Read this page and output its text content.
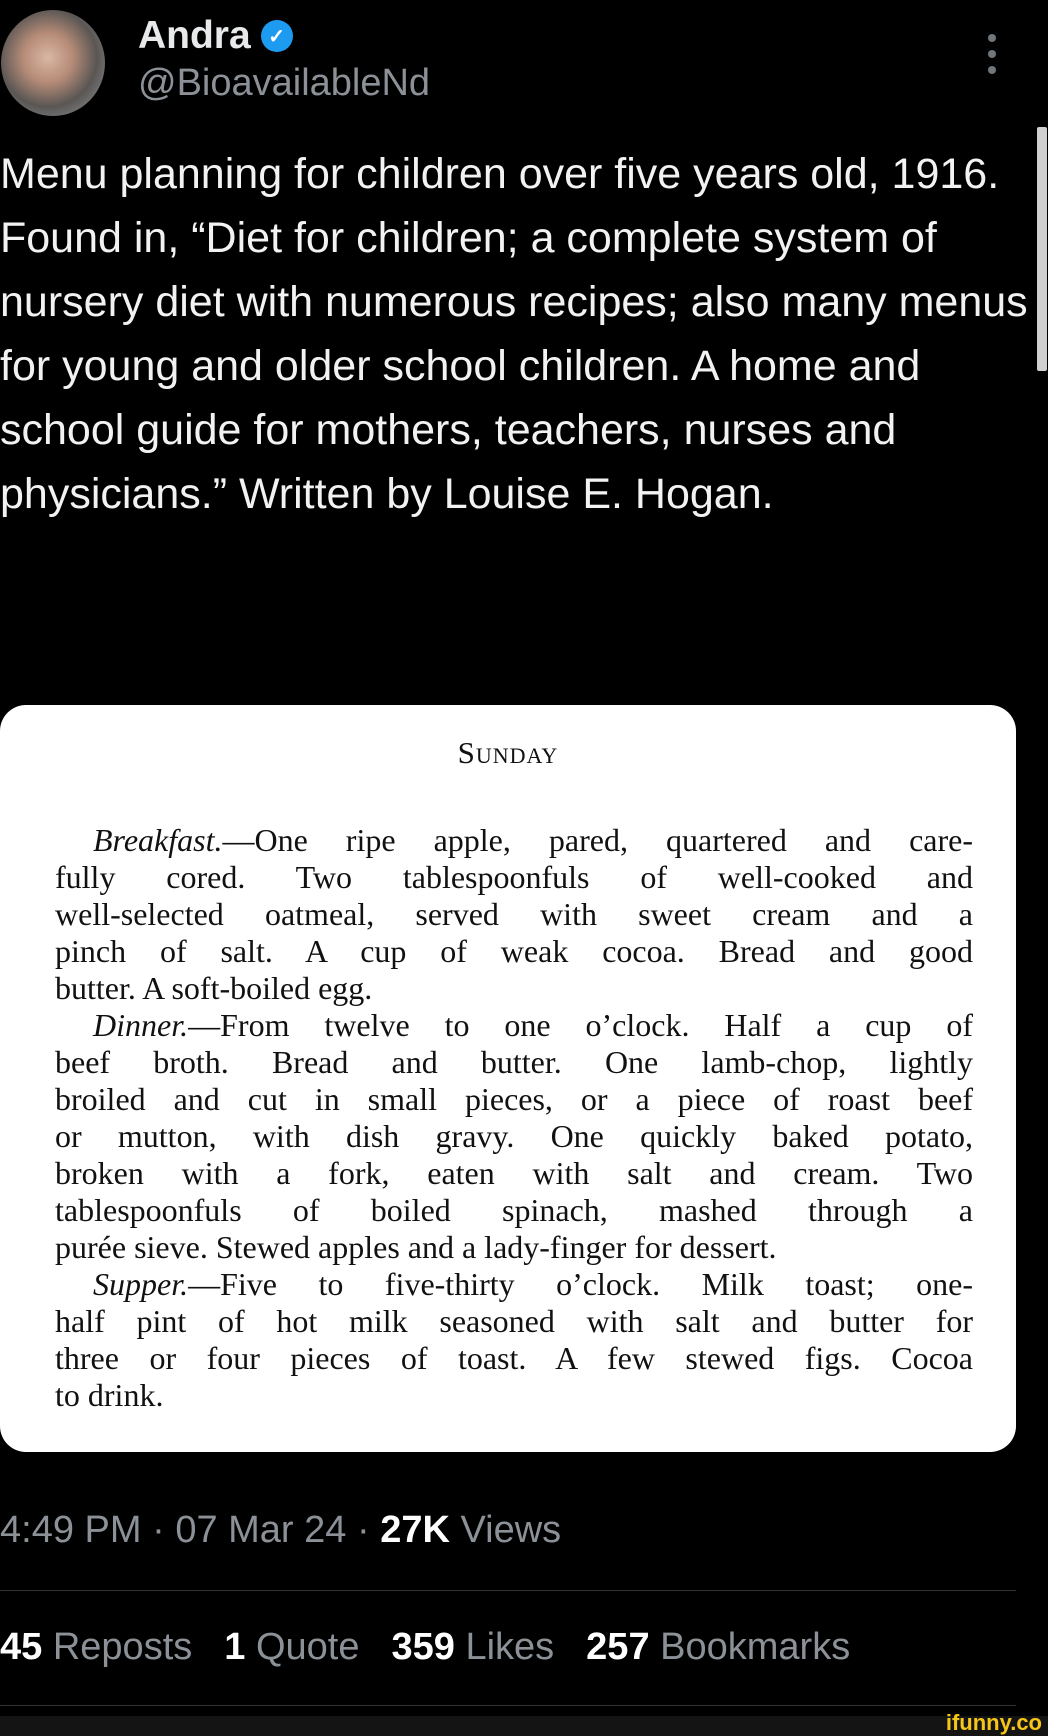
Andra ✓
@BioavailableNd
Menu planning for children over five years old, 1916. Found in, “Diet for children; a complete system of nursery diet with numerous recipes; also many menus for young and older school children. A home and school guide for mothers, teachers, nurses and physicians.” Written by Louise E. Hogan.
Sunday
Breakfast.—One ripe apple, pared, quartered and care-
fully cored. Two tablespoonfuls of well-cooked and
well-selected oatmeal, served with sweet cream and a
pinch of salt. A cup of weak cocoa. Bread and good
butter. A soft-boiled egg.
Dinner.—From twelve to one o’clock. Half a cup of
beef broth. Bread and butter. One lamb-chop, lightly
broiled and cut in small pieces, or a piece of roast beef
or mutton, with dish gravy. One quickly baked potato,
broken with a fork, eaten with salt and cream. Two
tablespoonfuls of boiled spinach, mashed through a
purée sieve. Stewed apples and a lady-finger for dessert.
Supper.—Five to five-thirty o’clock. Milk toast; one-
half pint of hot milk seasoned with salt and butter for
three or four pieces of toast. A few stewed figs. Cocoa
to drink.
4:49 PM · 07 Mar 24 · 27K Views
45 Reposts 1 Quote 359 Likes 257 Bookmarks
ifunny.co
